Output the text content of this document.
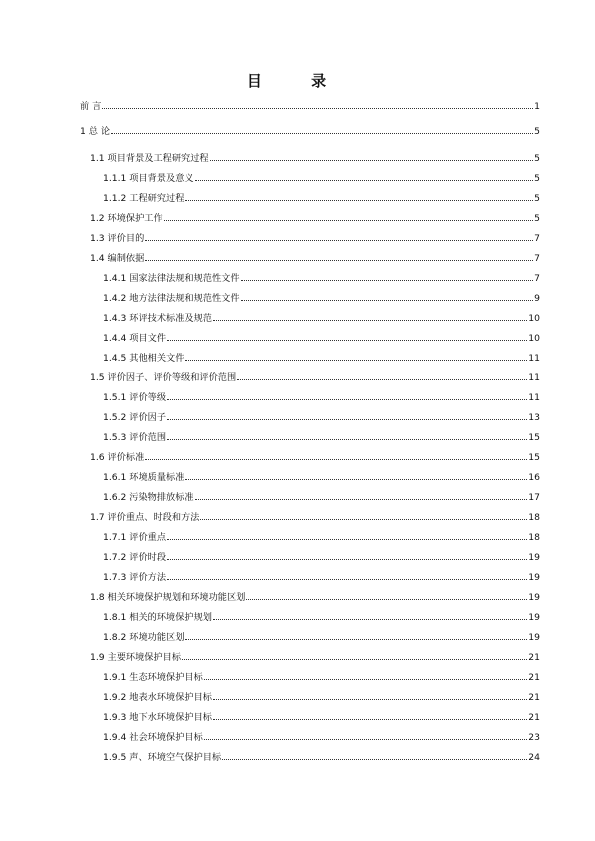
目 录
前 言	1
1 总 论	5
1.1 项目背景及工程研究过程	5
1.1.1 项目背景及意义	5
1.1.2 工程研究过程	5
1.2 环境保护工作	5
1.3 评价目的	7
1.4 编制依据	7
1.4.1 国家法律法规和规范性文件	7
1.4.2 地方法律法规和规范性文件	9
1.4.3 环评技术标准及规范	10
1.4.4 项目文件	10
1.4.5 其他相关文件	11
1.5 评价因子、评价等级和评价范围	11
1.5.1 评价等级	11
1.5.2 评价因子	13
1.5.3 评价范围	15
1.6 评价标准	15
1.6.1 环境质量标准	16
1.6.2 污染物排放标准	17
1.7 评价重点、时段和方法	18
1.7.1 评价重点	18
1.7.2 评价时段	19
1.7.3 评价方法	19
1.8 相关环境保护规划和环境功能区划	19
1.8.1 相关的环境保护规划	19
1.8.2 环境功能区划	19
1.9 主要环境保护目标	21
1.9.1 生态环境保护目标	21
1.9.2 地表水环境保护目标	21
1.9.3 地下水环境保护目标	21
1.9.4 社会环境保护目标	23
1.9.5 声、环境空气保护目标	24
